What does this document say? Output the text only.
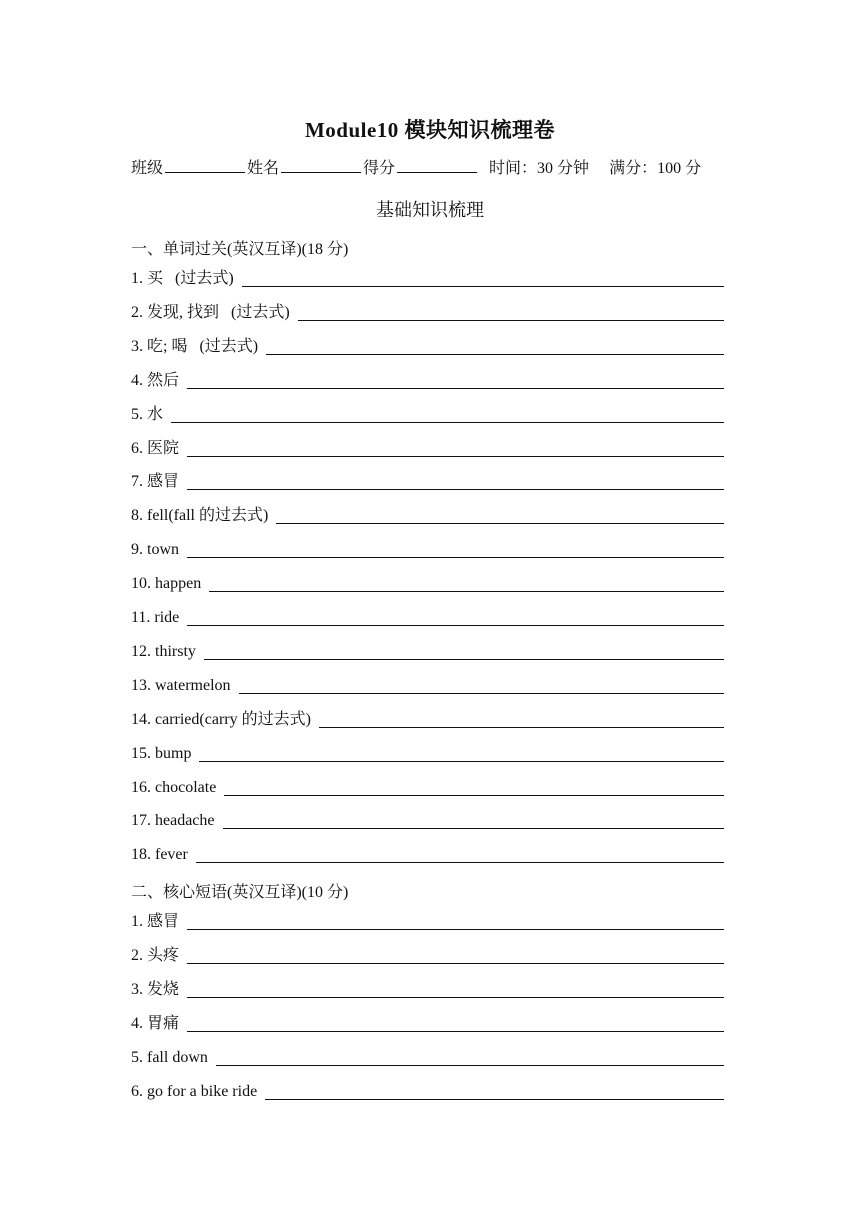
Module10 模块知识梳理卷
班级	姓名	得分	时间：30 分钟 满分：100 分
基础知识梳理
一、单词过关(英汉互译)(18 分)
1. 买   (过去式)
2. 发现, 找到   (过去式)
3. 吃; 喝   (过去式)
4. 然后
5. 水
6. 医院
7. 感冒
8. fell(fall 的过去式)
9. town
10. happen
11. ride
12. thirsty
13. watermelon
14. carried(carry 的过去式)
15. bump
16. chocolate
17. headache
18. fever
二、核心短语(英汉互译)(10 分)
1. 感冒
2. 头疼
3. 发烧
4. 胃痛
5. fall down
6. go for a bike ride
